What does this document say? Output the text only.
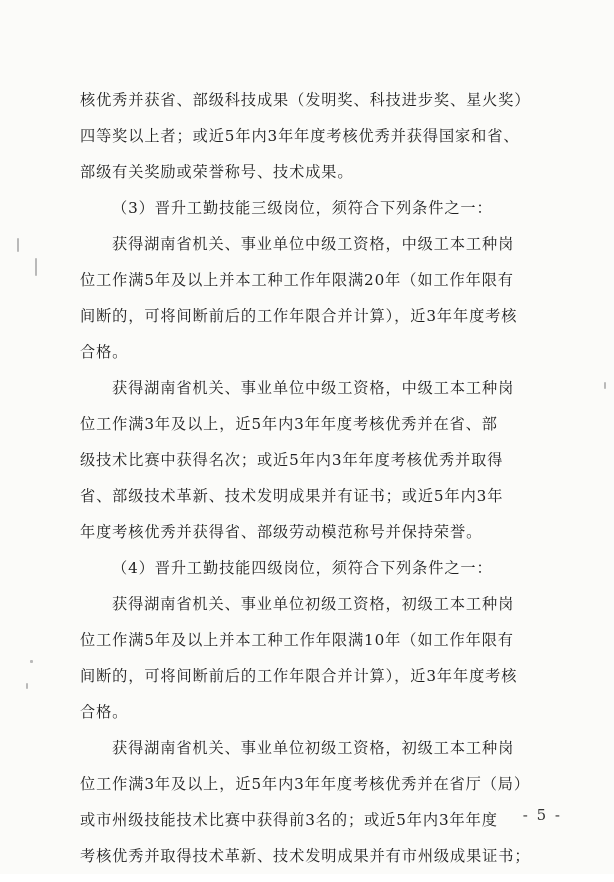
核优秀并获省、部级科技成果（发明奖、科技进步奖、星火奖）
四等奖以上者；或近5年内3年年度考核优秀并获得国家和省、
部级有关奖励或荣誉称号、技术成果。
（3）晋升工勤技能三级岗位，须符合下列条件之一：
获得湖南省机关、事业单位中级工资格，中级工本工种岗
位工作满5年及以上并本工种工作年限满20年（如工作年限有
间断的，可将间断前后的工作年限合并计算），近3年年度考核
合格。
获得湖南省机关、事业单位中级工资格，中级工本工种岗
位工作满3年及以上，近5年内3年年度考核优秀并在省、部
级技术比赛中获得名次；或近5年内3年年度考核优秀并取得
省、部级技术革新、技术发明成果并有证书；或近5年内3年
年度考核优秀并获得省、部级劳动模范称号并保持荣誉。
（4）晋升工勤技能四级岗位，须符合下列条件之一：
获得湖南省机关、事业单位初级工资格，初级工本工种岗
位工作满5年及以上并本工种工作年限满10年（如工作年限有
间断的，可将间断前后的工作年限合并计算），近3年年度考核
合格。
获得湖南省机关、事业单位初级工资格，初级工本工种岗
位工作满3年及以上，近5年内3年年度考核优秀并在省厅（局）
或市州级技能技术比赛中获得前3名的；或近5年内3年年度
考核优秀并取得技术革新、技术发明成果并有市州级成果证书；
- 5 -
